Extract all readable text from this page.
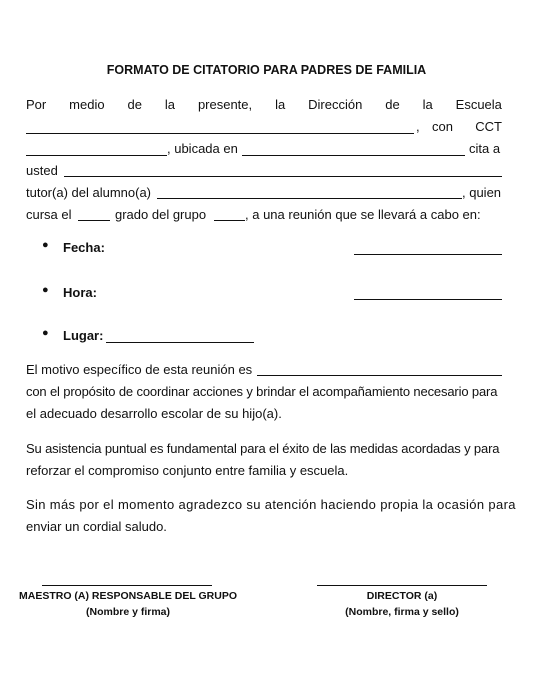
FORMATO DE CITATORIO PARA PADRES DE FAMILIA
Por medio de la presente, la Dirección de la Escuela
, con CCT
, ubicada en	cita a
usted
tutor(a) del alumno(a)	, quien
cursa el	grado del grupo	, a una reunión que se llevará a cabo en:
● Fecha:
● Hora:
● Lugar:
El motivo específico de esta reunión es
con el propósito de coordinar acciones y brindar el acompañamiento necesario para
el adecuado desarrollo escolar de su hijo(a).
Su asistencia puntual es fundamental para el éxito de las medidas acordadas y para
reforzar el compromiso conjunto entre familia y escuela.
Sin más por el momento agradezco su atención haciendo propia la ocasión para
enviar un cordial saludo.
MAESTRO (A) RESPONSABLE DEL GRUPO
(Nombre y firma)
DIRECTOR (a)
(Nombre, firma y sello)
